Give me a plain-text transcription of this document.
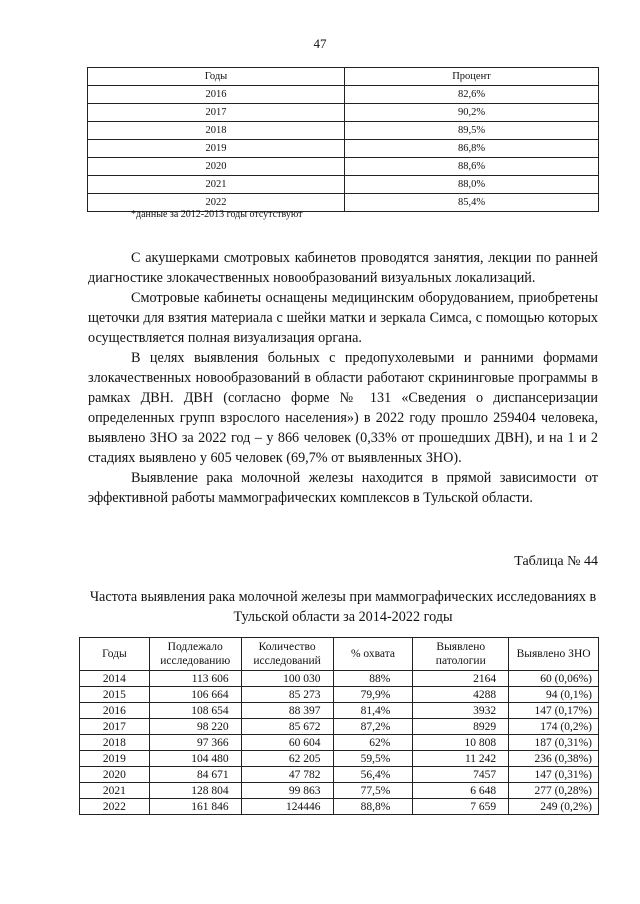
47
Годы	Процент
2016	82,6%
2017	90,2%
2018	89,5%
2019	86,8%
2020	88,6%
2021	88,0%
2022	85,4%
*данные за 2012-2013 годы отсутствуют

С акушерками смотровых кабинетов проводятся занятия, лекции по ранней диагностике злокачественных новообразований визуальных локализаций.

Смотровые кабинеты оснащены медицинским оборудованием, приобретены щеточки для взятия материала с шейки матки и зеркала Симса, с помощью которых осуществляется полная визуализация органа.

В целях выявления больных с предопухолевыми и ранними формами злокачественных новообразований в области работают скрининговые программы в рамках ДВН. ДВН (согласно форме № 131 «Сведения о диспансеризации определенных групп взрослого населения») в 2022 году прошло 259404 человека, выявлено ЗНО за 2022 год – у 866 человек (0,33% от прошедших ДВН), и на 1 и 2 стадиях выявлено у 605 человек (69,7% от выявленных ЗНО).

Выявление рака молочной железы находится в прямой зависимости от эффективной работы маммографических комплексов в Тульской области.

Таблица № 44
Частота выявления рака молочной железы при маммографических исследованиях в Тульской области за 2014-2022 годы
Годы	Подлежало исследованию	Количество исследований	% охвата	Выявлено патологии	Выявлено ЗНО
2014	113 606	100 030	88%	2164	60 (0,06%)
2015	106 664	85 273	79,9%	4288	94 (0,1%)
2016	108 654	88 397	81,4%	3932	147 (0,17%)
2017	98 220	85 672	87,2%	8929	174 (0,2%)
2018	97 366	60 604	62%	10 808	187 (0,31%)
2019	104 480	62 205	59,5%	11 242	236 (0,38%)
2020	84 671	47 782	56,4%	7457	147 (0,31%)
2021	128 804	99 863	77,5%	6 648	277 (0,28%)
2022	161 846	124446	88,8%	7 659	249 (0,2%)
